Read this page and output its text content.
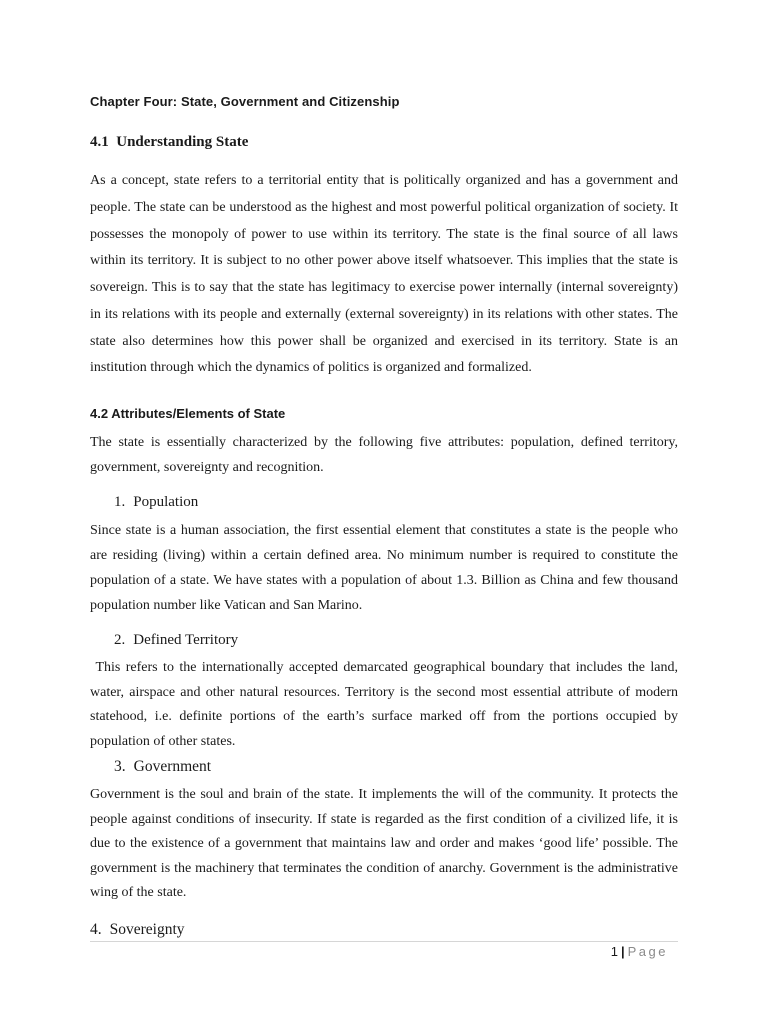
Chapter Four: State, Government and Citizenship
4.1  Understanding State

As a concept, state refers to a territorial entity that is politically organized and has a government and people. The state can be understood as the highest and most powerful political organization of society. It possesses the monopoly of power to use within its territory. The state is the final source of all laws within its territory. It is subject to no other power above itself whatsoever. This implies that the state is sovereign. This is to say that the state has legitimacy to exercise power internally (internal sovereignty) in its relations with its people and externally (external sovereignty) in its relations with other states. The state also determines how this power shall be organized and exercised in its territory. State is an institution through which the dynamics of politics is organized and formalized.

4.2 Attributes/Elements of State

The state is essentially characterized by the following five attributes: population, defined territory, government, sovereignty and recognition.

1. Population

Since state is a human association, the first essential element that constitutes a state is the people who are residing (living) within a certain defined area. No minimum number is required to constitute the population of a state. We have states with a population of about 1.3. Billion as China and few thousand population number like Vatican and San Marino.

2. Defined Territory

This refers to the internationally accepted demarcated geographical boundary that includes the land, water, airspace and other natural resources. Territory is the second most essential attribute of modern statehood, i.e. definite portions of the earth’s surface marked off from the portions occupied by population of other states.

3. Government

Government is the soul and brain of the state. It implements the will of the community. It protects the people against conditions of insecurity. If state is regarded as the first condition of a civilized life, it is due to the existence of a government that maintains law and order and makes ‘good life’ possible. The government is the machinery that terminates the condition of anarchy. Government is the administrative wing of the state.

4. Sovereignty
1 | Page
